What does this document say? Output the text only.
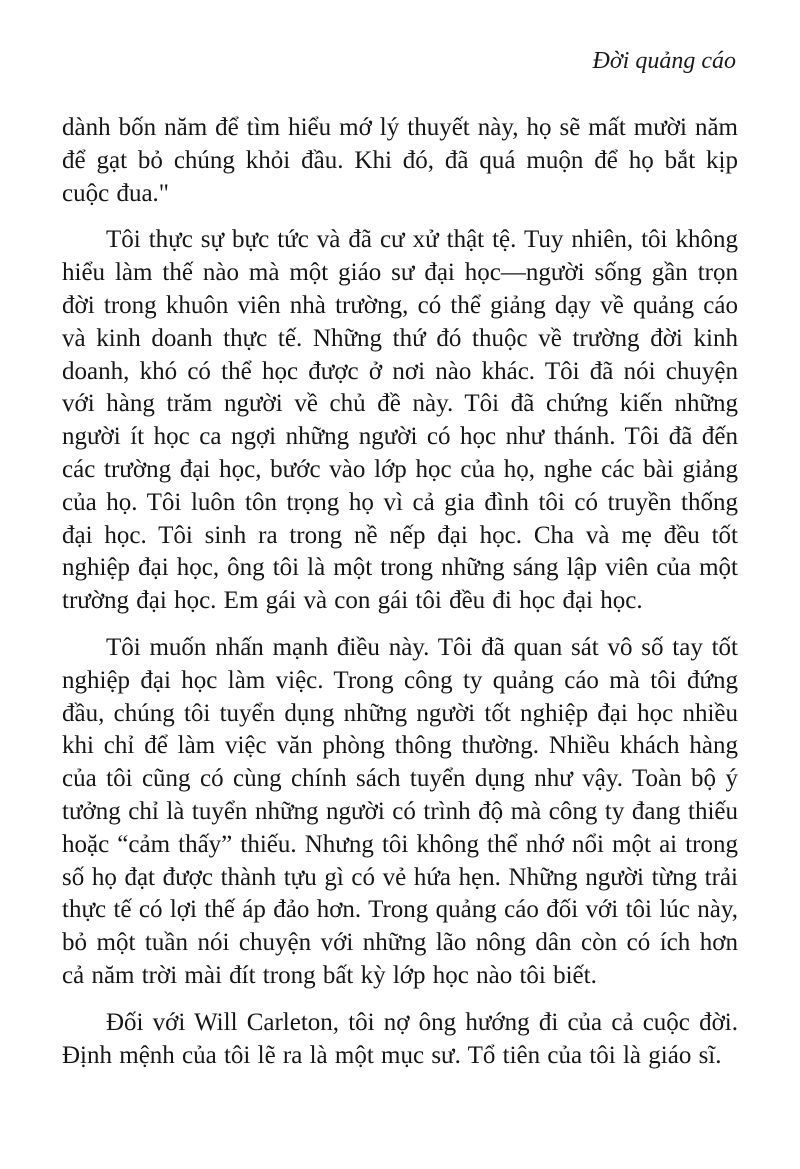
Đời quảng cáo

dành bốn năm để tìm hiểu mớ lý thuyết này, họ sẽ mất mười năm để gạt bỏ chúng khỏi đầu. Khi đó, đã quá muộn để họ bắt kịp cuộc đua."

Tôi thực sự bực tức và đã cư xử thật tệ. Tuy nhiên, tôi không hiểu làm thế nào mà một giáo sư đại học—người sống gần trọn đời trong khuôn viên nhà trường, có thể giảng dạy về quảng cáo và kinh doanh thực tế. Những thứ đó thuộc về trường đời kinh doanh, khó có thể học được ở nơi nào khác. Tôi đã nói chuyện với hàng trăm người về chủ đề này. Tôi đã chứng kiến những người ít học ca ngợi những người có học như thánh. Tôi đã đến các trường đại học, bước vào lớp học của họ, nghe các bài giảng của họ. Tôi luôn tôn trọng họ vì cả gia đình tôi có truyền thống đại học. Tôi sinh ra trong nề nếp đại học. Cha và mẹ đều tốt nghiệp đại học, ông tôi là một trong những sáng lập viên của một trường đại học. Em gái và con gái tôi đều đi học đại học.

Tôi muốn nhấn mạnh điều này. Tôi đã quan sát vô số tay tốt nghiệp đại học làm việc. Trong công ty quảng cáo mà tôi đứng đầu, chúng tôi tuyển dụng những người tốt nghiệp đại học nhiều khi chỉ để làm việc văn phòng thông thường. Nhiều khách hàng của tôi cũng có cùng chính sách tuyển dụng như vậy. Toàn bộ ý tưởng chỉ là tuyển những người có trình độ mà công ty đang thiếu hoặc “cảm thấy” thiếu. Nhưng tôi không thể nhớ nổi một ai trong số họ đạt được thành tựu gì có vẻ hứa hẹn. Những người từng trải thực tế có lợi thế áp đảo hơn. Trong quảng cáo đối với tôi lúc này, bỏ một tuần nói chuyện với những lão nông dân còn có ích hơn cả năm trời mài đít trong bất kỳ lớp học nào tôi biết.

Đối với Will Carleton, tôi nợ ông hướng đi của cả cuộc đời. Định mệnh của tôi lẽ ra là một mục sư. Tổ tiên của tôi là giáo sĩ.
